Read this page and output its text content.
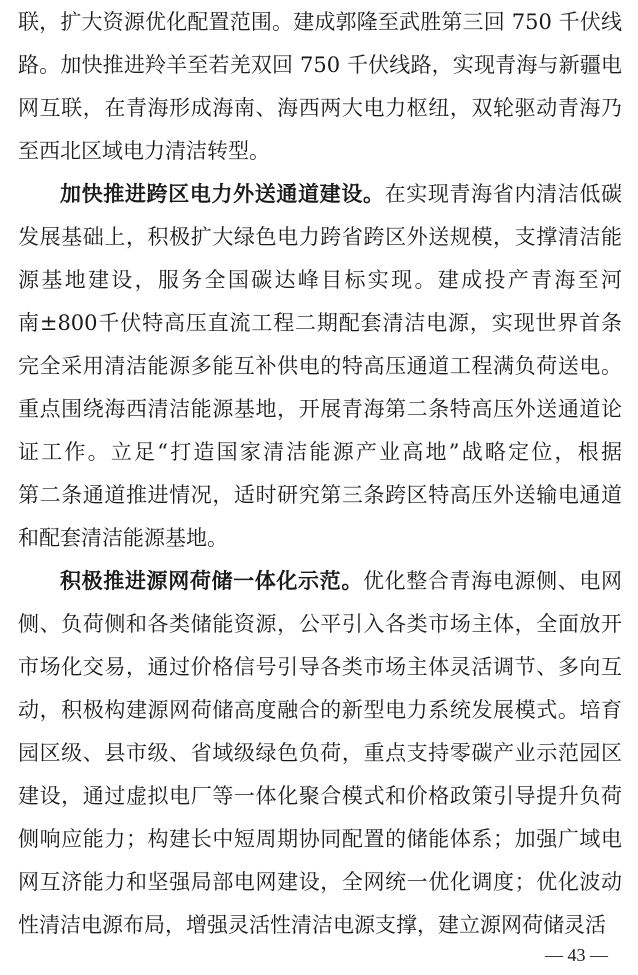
联，扩大资源优化配置范围。建成郭隆至武胜第三回 750 千伏线
路。加快推进羚羊至若羌双回 750 千伏线路，实现青海与新疆电
网互联，在青海形成海南、海西两大电力枢纽，双轮驱动青海乃
至西北区域电力清洁转型。
加快推进跨区电力外送通道建设。在实现青海省内清洁低碳
发展基础上，积极扩大绿色电力跨省跨区外送规模，支撑清洁能
源基地建设，服务全国碳达峰目标实现。建成投产青海至河
南±800千伏特高压直流工程二期配套清洁电源，实现世界首条
完全采用清洁能源多能互补供电的特高压通道工程满负荷送电。
重点围绕海西清洁能源基地，开展青海第二条特高压外送通道论
证工作。立足“打造国家清洁能源产业高地”战略定位，根据
第二条通道推进情况，适时研究第三条跨区特高压外送输电通道
和配套清洁能源基地。
积极推进源网荷储一体化示范。优化整合青海电源侧、电网
侧、负荷侧和各类储能资源，公平引入各类市场主体，全面放开
市场化交易，通过价格信号引导各类市场主体灵活调节、多向互
动，积极构建源网荷储高度融合的新型电力系统发展模式。培育
园区级、县市级、省域级绿色负荷，重点支持零碳产业示范园区
建设，通过虚拟电厂等一体化聚合模式和价格政策引导提升负荷
侧响应能力；构建长中短周期协同配置的储能体系；加强广域电
网互济能力和坚强局部电网建设，全网统一优化调度；优化波动
性清洁电源布局，增强灵活性清洁电源支撑，建立源网荷储灵活
— 43 —
